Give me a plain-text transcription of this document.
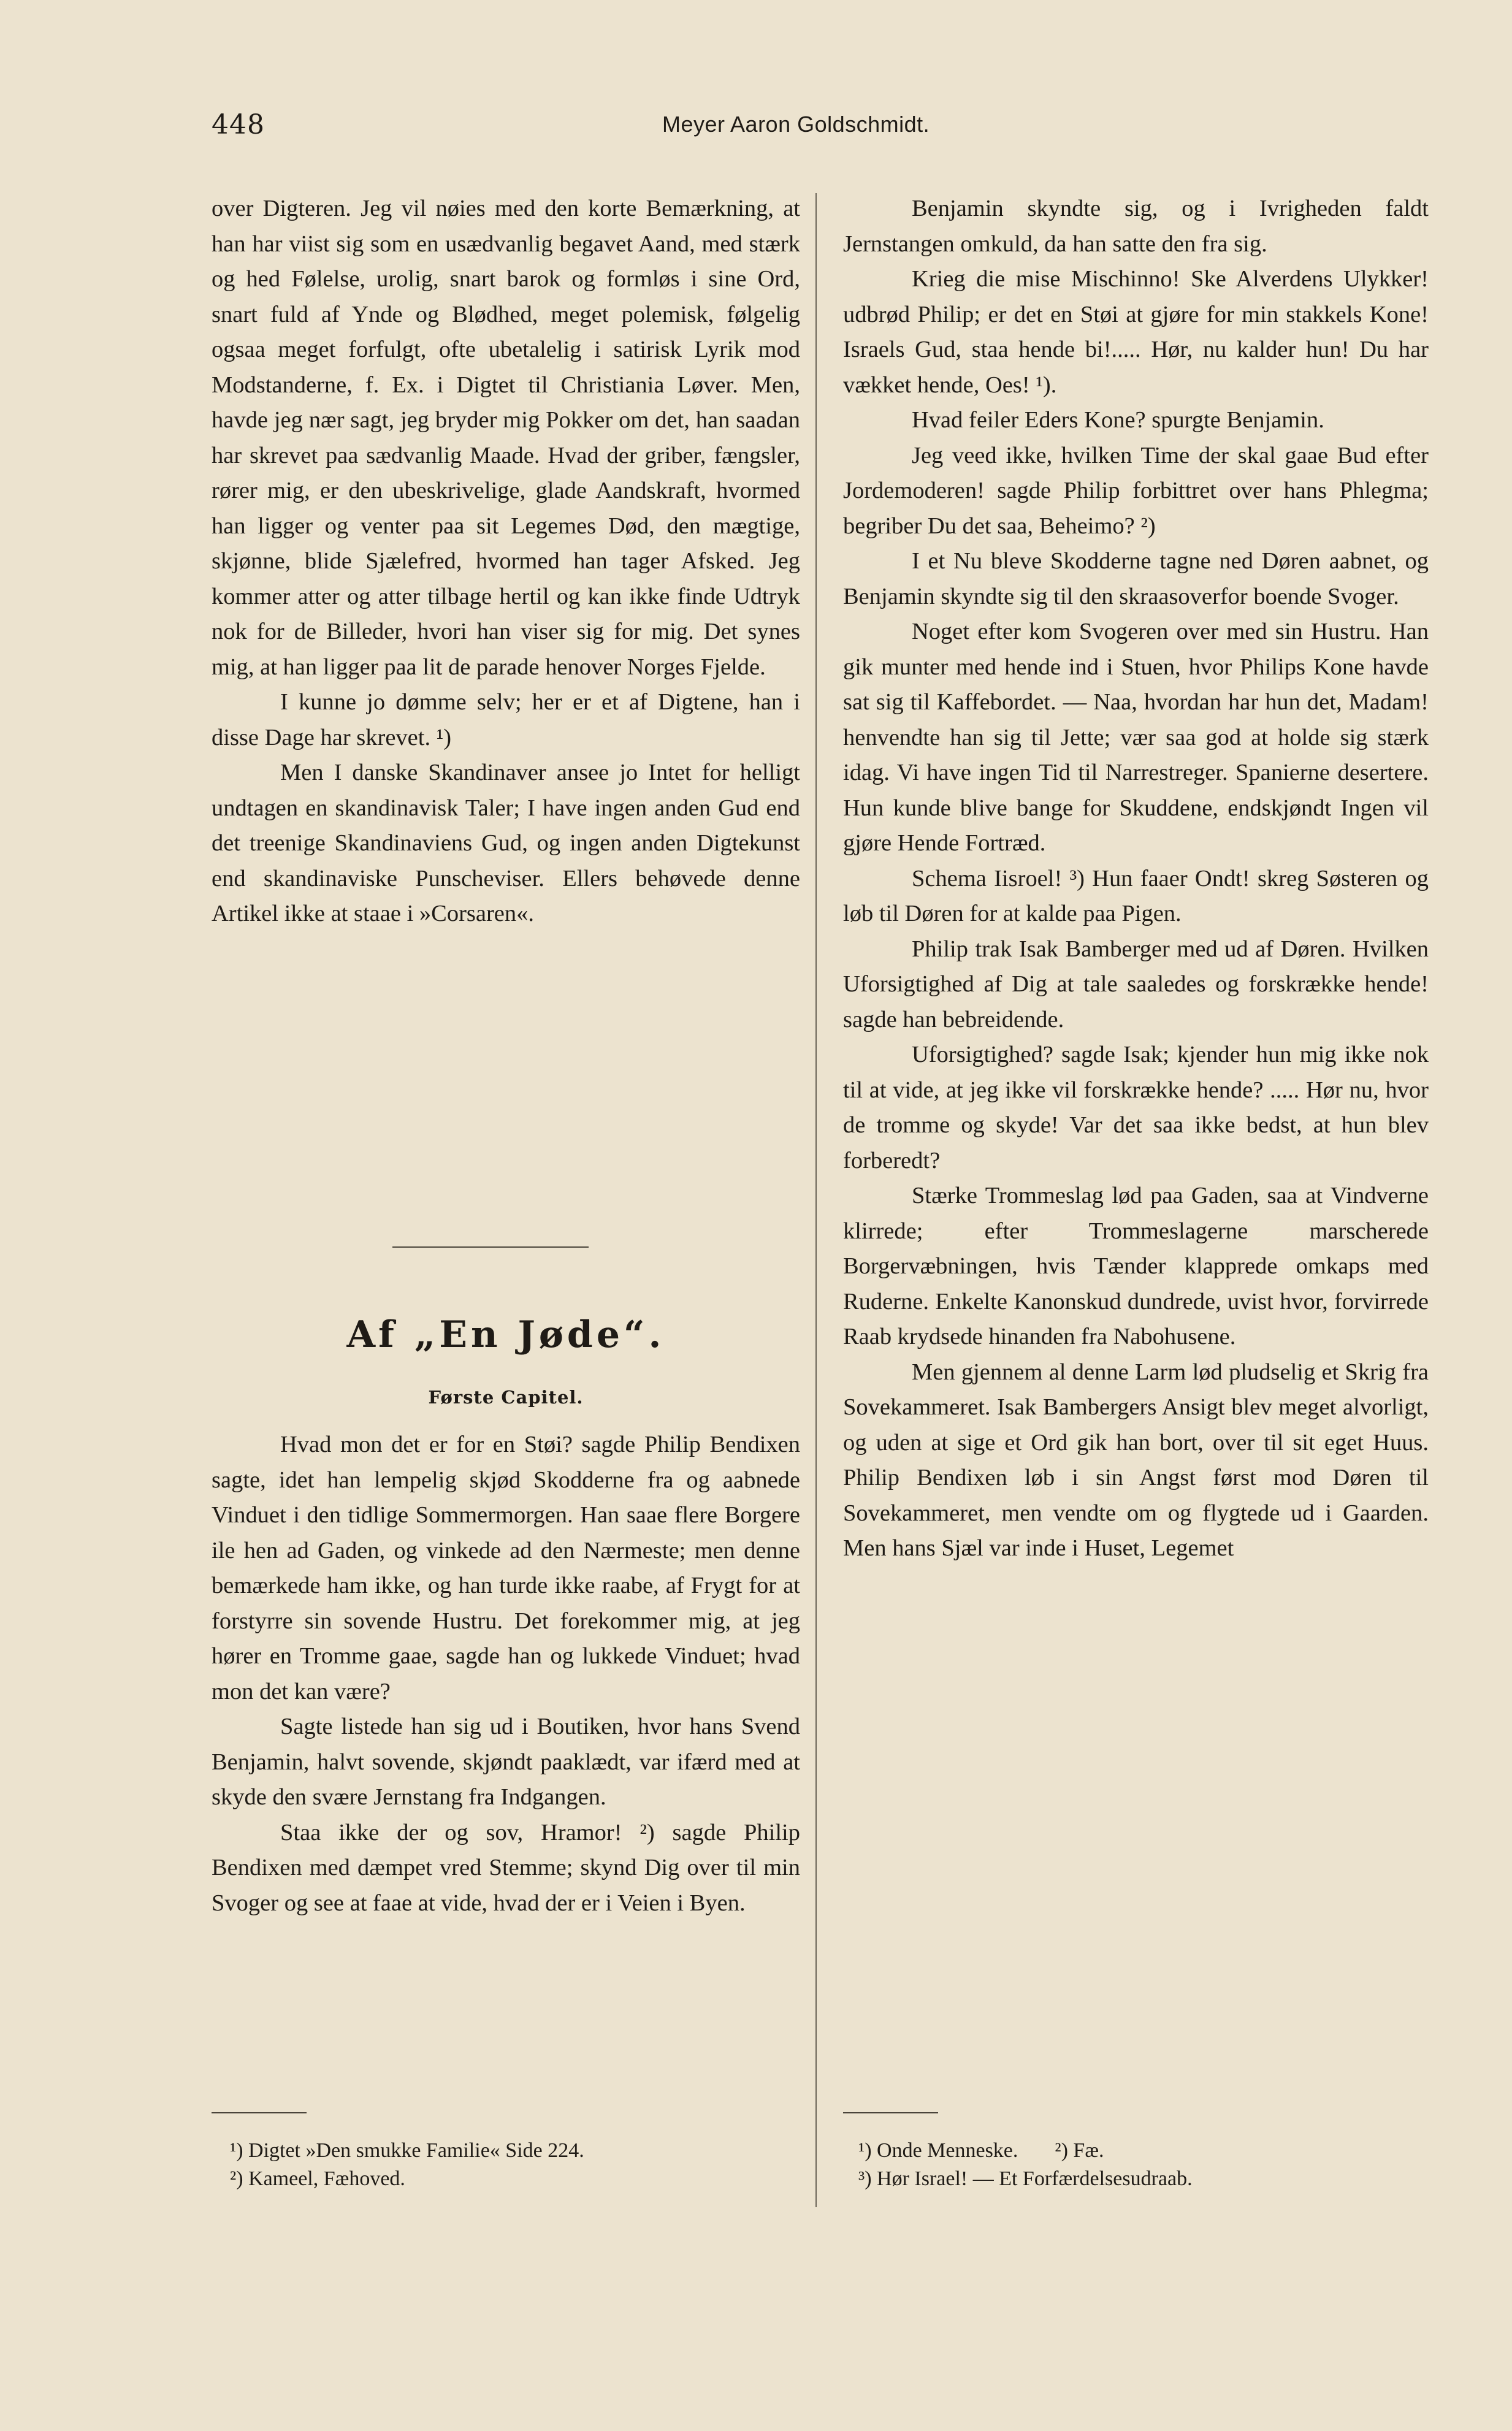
448	Meyer Aaron Goldschmidt.

over Digteren. Jeg vil nøies med den korte Bemærkning, at han har viist sig som en usædvanlig begavet Aand, med stærk og hed Følelse, urolig, snart barok og formløs i sine Ord, snart fuld af Ynde og Blødhed, meget polemisk, følgelig ogsaa meget forfulgt, ofte ubetalelig i satirisk Lyrik mod Modstanderne, f. Ex. i Digtet til Christiania Løver. Men, havde jeg nær sagt, jeg bryder mig Pokker om det, han saadan har skrevet paa sædvanlig Maade. Hvad der griber, fængsler, rører mig, er den ubeskrivelige, glade Aandskraft, hvormed han ligger og venter paa sit Legemes Død, den mægtige, skjønne, blide Sjælefred, hvormed han tager Afsked. Jeg kommer atter og atter tilbage hertil og kan ikke finde Udtryk nok for de Billeder, hvori han viser sig for mig. Det synes mig, at han ligger paa lit de parade henover Norges Fjelde.

I kunne jo dømme selv; her er et af Digtene, han i disse Dage har skrevet. ¹)

Men I danske Skandinaver ansee jo Intet for helligt undtagen en skandinavisk Taler; I have ingen anden Gud end det treenige Skandinaviens Gud, og ingen anden Digtekunst end skandinaviske Punscheviser. Ellers behøvede denne Artikel ikke at staae i »Corsaren«.

Af „En Jøde“.
Første Capitel.

Hvad mon det er for en Støi? sagde Philip Bendixen sagte, idet han lempelig skjød Skodderne fra og aabnede Vinduet i den tidlige Sommermorgen. Han saae flere Borgere ile hen ad Gaden, og vinkede ad den Nærmeste; men denne bemærkede ham ikke, og han turde ikke raabe, af Frygt for at forstyrre sin sovende Hustru. Det forekommer mig, at jeg hører en Tromme gaae, sagde han og lukkede Vinduet; hvad mon det kan være?

Sagte listede han sig ud i Boutiken, hvor hans Svend Benjamin, halvt sovende, skjøndt paaklædt, var ifærd med at skyde den svære Jernstang fra Indgangen.

Staa ikke der og sov, Hramor! ²) sagde Philip Bendixen med dæmpet vred Stemme; skynd Dig over til min Svoger og see at faae at vide, hvad der er i Veien i Byen.

Benjamin skyndte sig, og i Ivrigheden faldt Jernstangen omkuld, da han satte den fra sig.

Krieg die mise Mischinno! Ske Alverdens Ulykker! udbrød Philip; er det en Støi at gjøre for min stakkels Kone! Israels Gud, staa hende bi!..... Hør, nu kalder hun! Du har vækket hende, Oes! ¹).

Hvad feiler Eders Kone? spurgte Benjamin.

Jeg veed ikke, hvilken Time der skal gaae Bud efter Jordemoderen! sagde Philip forbittret over hans Phlegma; begriber Du det saa, Beheimo? ²)

I et Nu bleve Skodderne tagne ned Døren aabnet, og Benjamin skyndte sig til den skraasoverfor boende Svoger.

Noget efter kom Svogeren over med sin Hustru. Han gik munter med hende ind i Stuen, hvor Philips Kone havde sat sig til Kaffebordet. — Naa, hvordan har hun det, Madam! henvendte han sig til Jette; vær saa god at holde sig stærk idag. Vi have ingen Tid til Narrestreger. Spanierne desertere. Hun kunde blive bange for Skuddene, endskjøndt Ingen vil gjøre Hende Fortræd.

Schema Iisroel! ³) Hun faaer Ondt! skreg Søsteren og løb til Døren for at kalde paa Pigen.

Philip trak Isak Bamberger med ud af Døren. Hvilken Uforsigtighed af Dig at tale saaledes og forskrække hende! sagde han bebreidende.

Uforsigtighed? sagde Isak; kjender hun mig ikke nok til at vide, at jeg ikke vil forskrække hende? ..... Hør nu, hvor de tromme og skyde! Var det saa ikke bedst, at hun blev forberedt?

Stærke Trommeslag lød paa Gaden, saa at Vindverne klirrede; efter Trommeslagerne marscherede Borgervæbningen, hvis Tænder klapprede omkaps med Ruderne. Enkelte Kanonskud dundrede, uvist hvor, forvirrede Raab krydsede hinanden fra Nabohusene.

Men gjennem al denne Larm lød pludselig et Skrig fra Sovekammeret. Isak Bambergers Ansigt blev meget alvorligt, og uden at sige et Ord gik han bort, over til sit eget Huus. Philip Bendixen løb i sin Angst først mod Døren til Sovekammeret, men vendte om og flygtede ud i Gaarden. Men hans Sjæl var inde i Huset, Legemet

¹) Digtet »Den smukke Familie« Side 224.
²) Kameel, Fæhoved.
¹) Onde Menneske. ²) Fæ.
³) Hør Israel! — Et Forfærdelsesudraab.
